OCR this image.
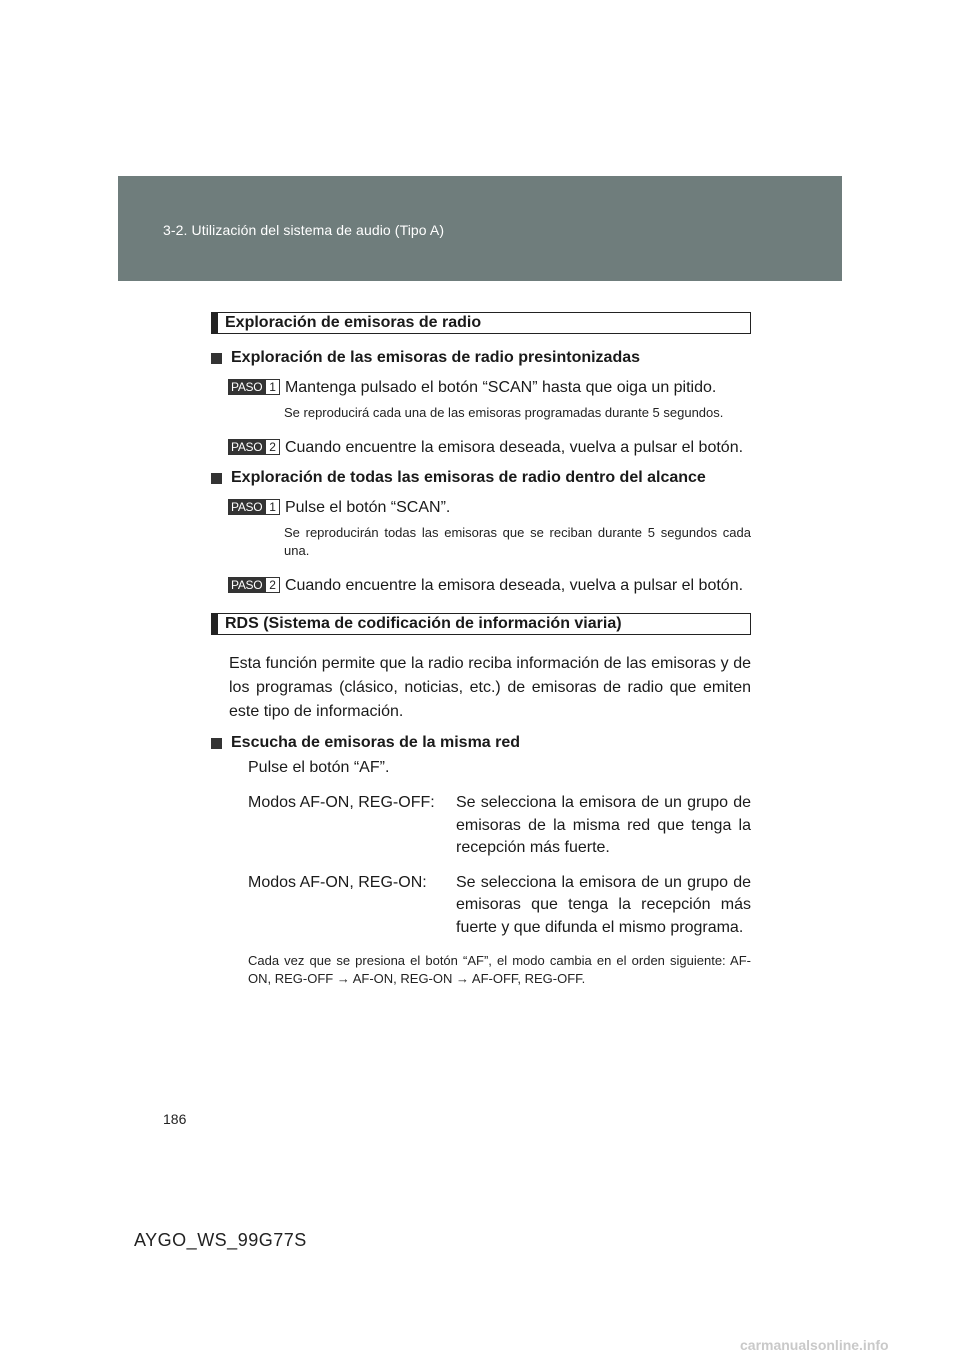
3-2. Utilización del sistema de audio (Tipo A)
Exploración de emisoras de radio
Exploración de las emisoras de radio presintonizadas
PASO 1 Mantenga pulsado el botón “SCAN” hasta que oiga un pitido.
Se reproducirá cada una de las emisoras programadas durante 5 segundos.
PASO 2 Cuando encuentre la emisora deseada, vuelva a pulsar el botón.
Exploración de todas las emisoras de radio dentro del alcance
PASO 1 Pulse el botón “SCAN”.
Se reproducirán todas las emisoras que se reciban durante 5 segundos cada una.
PASO 2 Cuando encuentre la emisora deseada, vuelva a pulsar el botón.
RDS (Sistema de codificación de información viaria)
Esta función permite que la radio reciba información de las emisoras y de los programas (clásico, noticias, etc.) de emisoras de radio que emiten este tipo de información.
Escucha de emisoras de la misma red
Pulse el botón “AF”.
Modos AF-ON, REG-OFF:	Se selecciona la emisora de un grupo de emisoras de la misma red que tenga la recepción más fuerte.
Modos AF-ON, REG-ON:	Se selecciona la emisora de un grupo de emisoras que tenga la recepción más fuerte y que difunda el mismo programa.
Cada vez que se presiona el botón “AF”, el modo cambia en el orden siguiente: AF-ON, REG-OFF → AF-ON, REG-ON → AF-OFF, REG-OFF.
186
AYGO_WS_99G77S
carmanualsonline.info
